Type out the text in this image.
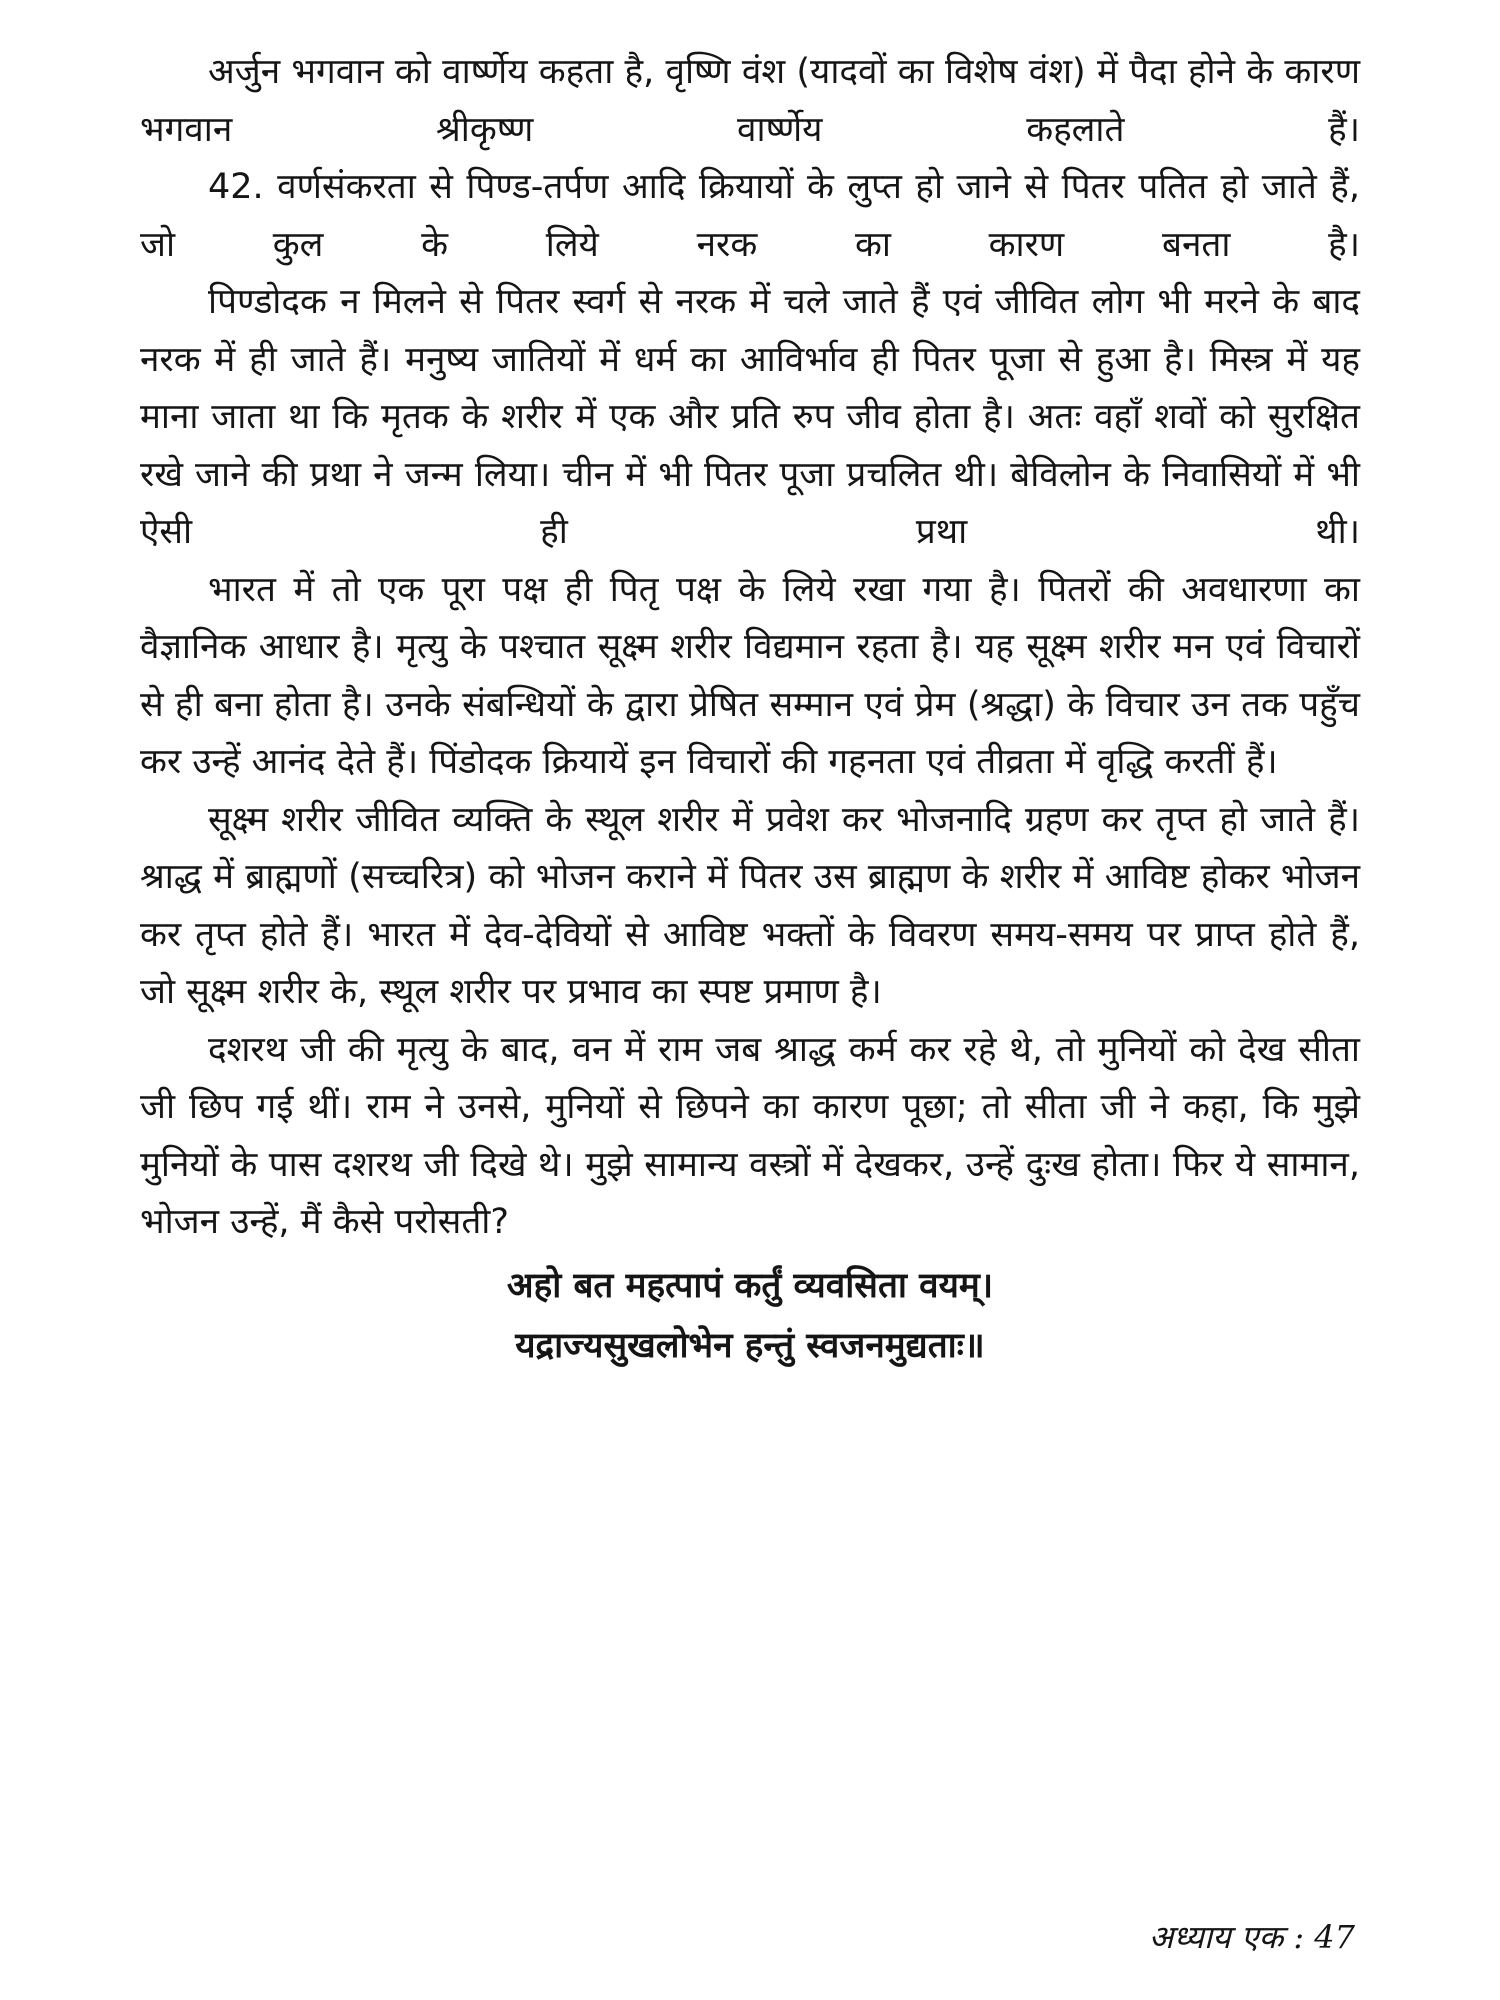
अर्जुन भगवान को वार्ष्णेय कहता है, वृष्णि वंश (यादवों का विशेष वंश) में पैदा होने के कारण भगवान श्रीकृष्ण वार्ष्णेय कहलाते हैं।

42. वर्णसंकरता से पिण्ड-तर्पण आदि क्रियायों के लुप्त हो जाने से पितर पतित हो जाते हैं, जो कुल के लिये नरक का कारण बनता है।

पिण्डोदक न मिलने से पितर स्वर्ग से नरक में चले जाते हैं एवं जीवित लोग भी मरने के बाद नरक में ही जाते हैं। मनुष्य जातियों में धर्म का आविर्भाव ही पितर पूजा से हुआ है। मिस्त्र में यह माना जाता था कि मृतक के शरीर में एक और प्रति रुप जीव होता है। अतः वहाँ शवों को सुरक्षित रखे जाने की प्रथा ने जन्म लिया। चीन में भी पितर पूजा प्रचलित थी। बेविलोन के निवासियों में भी ऐसी ही प्रथा थी।

भारत में तो एक पूरा पक्ष ही पितृ पक्ष के लिये रखा गया है। पितरों की अवधारणा का वैज्ञानिक आधार है। मृत्यु के पश्चात सूक्ष्म शरीर विद्यमान रहता है। यह सूक्ष्म शरीर मन एवं विचारों से ही बना होता है। उनके संबन्धियों के द्वारा प्रेषित सम्मान एवं प्रेम (श्रद्धा) के विचार उन तक पहुँच कर उन्हें आनंद देते हैं। पिंडोदक क्रियायें इन विचारों की गहनता एवं तीव्रता में वृद्धि करतीं हैं।

सूक्ष्म शरीर जीवित व्यक्ति के स्थूल शरीर में प्रवेश कर भोजनादि ग्रहण कर तृप्त हो जाते हैं। श्राद्ध में ब्राह्मणों (सच्चरित्र) को भोजन कराने में पितर उस ब्राह्मण के शरीर में आविष्ट होकर भोजन कर तृप्त होते हैं। भारत में देव-देवियों से आविष्ट भक्तों के विवरण समय-समय पर प्राप्त होते हैं, जो सूक्ष्म शरीर के, स्थूल शरीर पर प्रभाव का स्पष्ट प्रमाण है।

दशरथ जी की मृत्यु के बाद, वन में राम जब श्राद्ध कर्म कर रहे थे, तो मुनियों को देख सीता जी छिप गई थीं। राम ने उनसे, मुनियों से छिपने का कारण पूछा; तो सीता जी ने कहा, कि मुझे मुनियों के पास दशरथ जी दिखे थे। मुझे सामान्य वस्त्रों में देखकर, उन्हें दुःख होता। फिर ये सामान, भोजन उन्हें, मैं कैसे परोसती?

अहो बत महत्पापं कर्तुं व्यवसिता वयम्।
यद्राज्यसुखलोभेन हन्तुं स्वजनमुद्यताः॥
अध्याय एक : 47
